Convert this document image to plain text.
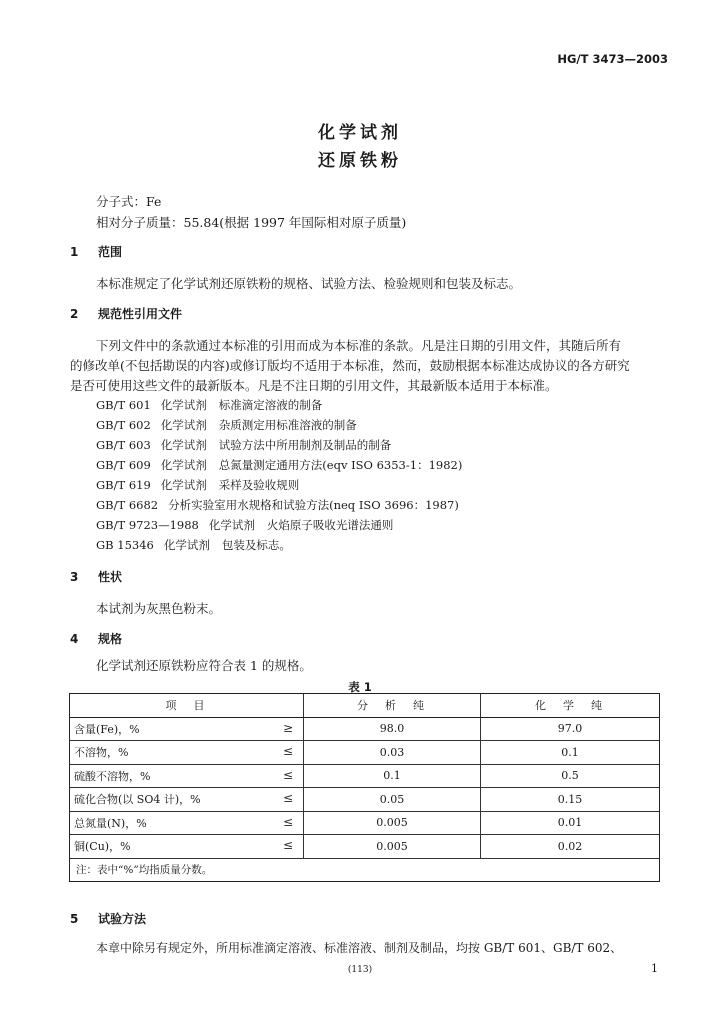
HG/T 3473—2003
化学试剂
还原铁粉
分子式：Fe
相对分子质量：55.84(根据 1997 年国际相对原子质量)
1 范围
本标准规定了化学试剂还原铁粉的规格、试验方法、检验规则和包装及标志。
2 规范性引用文件
下列文件中的条款通过本标准的引用而成为本标准的条款。凡是注日期的引用文件，其随后所有
的修改单(不包括勘误的内容)或修订版均不适用于本标准，然而，鼓励根据本标准达成协议的各方研究
是否可使用这些文件的最新版本。凡是不注日期的引用文件，其最新版本适用于本标准。
GB/T 601 化学试剂 标准滴定溶液的制备
GB/T 602 化学试剂 杂质测定用标准溶液的制备
GB/T 603 化学试剂 试验方法中所用制剂及制品的制备
GB/T 609 化学试剂 总氮量测定通用方法(eqv ISO 6353-1：1982)
GB/T 619 化学试剂 采样及验收规则
GB/T 6682 分析实验室用水规格和试验方法(neq ISO 3696：1987)
GB/T 9723—1988 化学试剂 火焰原子吸收光谱法通则
GB 15346 化学试剂 包装及标志。
3 性状
本试剂为灰黑色粉末。
4 规格
化学试剂还原铁粉应符合表 1 的规格。
表 1
项　目	分　析　纯	化　学　纯
含量(Fe)，% ≥	98.0	97.0
不溶物，% ≤	0.03	0.1
硫酸不溶物，% ≤	0.1	0.5
硫化合物(以 SO4 计)，% ≤	0.05	0.15
总氮量(N)，% ≤	0.005	0.01
铜(Cu)，% ≤	0.005	0.02
注：表中“%”均指质量分数。		
5 试验方法
本章中除另有规定外，所用标准滴定溶液、标准溶液、制剂及制品，均按 GB/T 601、GB/T 602、
(113)	1
